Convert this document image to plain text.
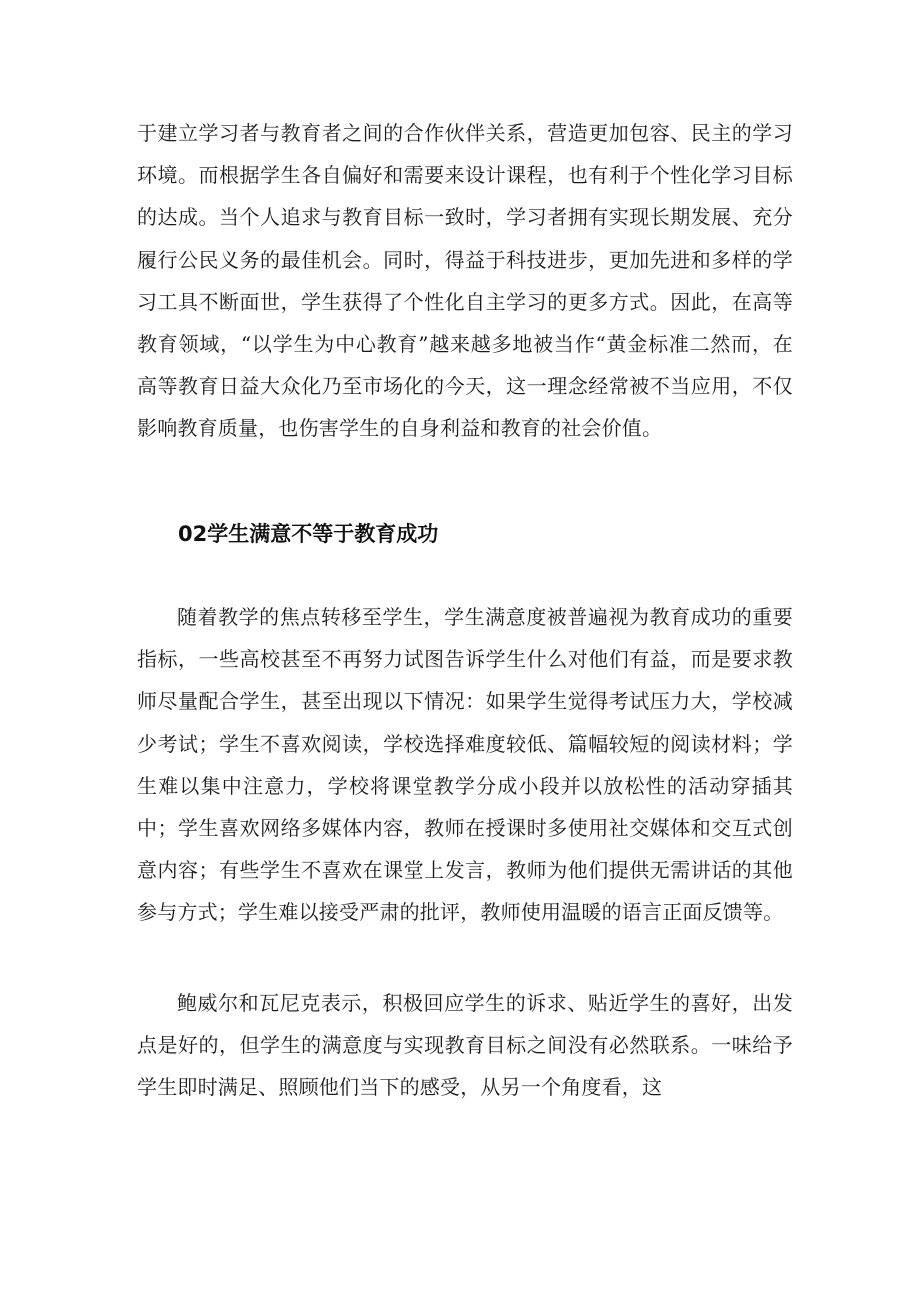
于建立学习者与教育者之间的合作伙伴关系，营造更加包容、民主的学习环境。而根据学生各自偏好和需要来设计课程，也有利于个性化学习目标的达成。当个人追求与教育目标一致时，学习者拥有实现长期发展、充分履行公民义务的最佳机会。同时，得益于科技进步，更加先进和多样的学习工具不断面世，学生获得了个性化自主学习的更多方式。因此，在高等教育领域，“以学生为中心教育”越来越多地被当作“黄金标准二然而，在高等教育日益大众化乃至市场化的今天，这一理念经常被不当应用，不仅影响教育质量，也伤害学生的自身利益和教育的社会价值。

02学生满意不等于教育成功

随着教学的焦点转移至学生，学生满意度被普遍视为教育成功的重要指标，一些高校甚至不再努力试图告诉学生什么对他们有益，而是要求教师尽量配合学生，甚至出现以下情况：如果学生觉得考试压力大，学校减少考试；学生不喜欢阅读，学校选择难度较低、篇幅较短的阅读材料；学生难以集中注意力，学校将课堂教学分成小段并以放松性的活动穿插其中；学生喜欢网络多媒体内容，教师在授课时多使用社交媒体和交互式创意内容；有些学生不喜欢在课堂上发言，教师为他们提供无需讲话的其他参与方式；学生难以接受严肃的批评，教师使用温暖的语言正面反馈等。

鲍威尔和瓦尼克表示，积极回应学生的诉求、贴近学生的喜好，出发点是好的，但学生的满意度与实现教育目标之间没有必然联系。一味给予学生即时满足、照顾他们当下的感受，从另一个角度看，这
